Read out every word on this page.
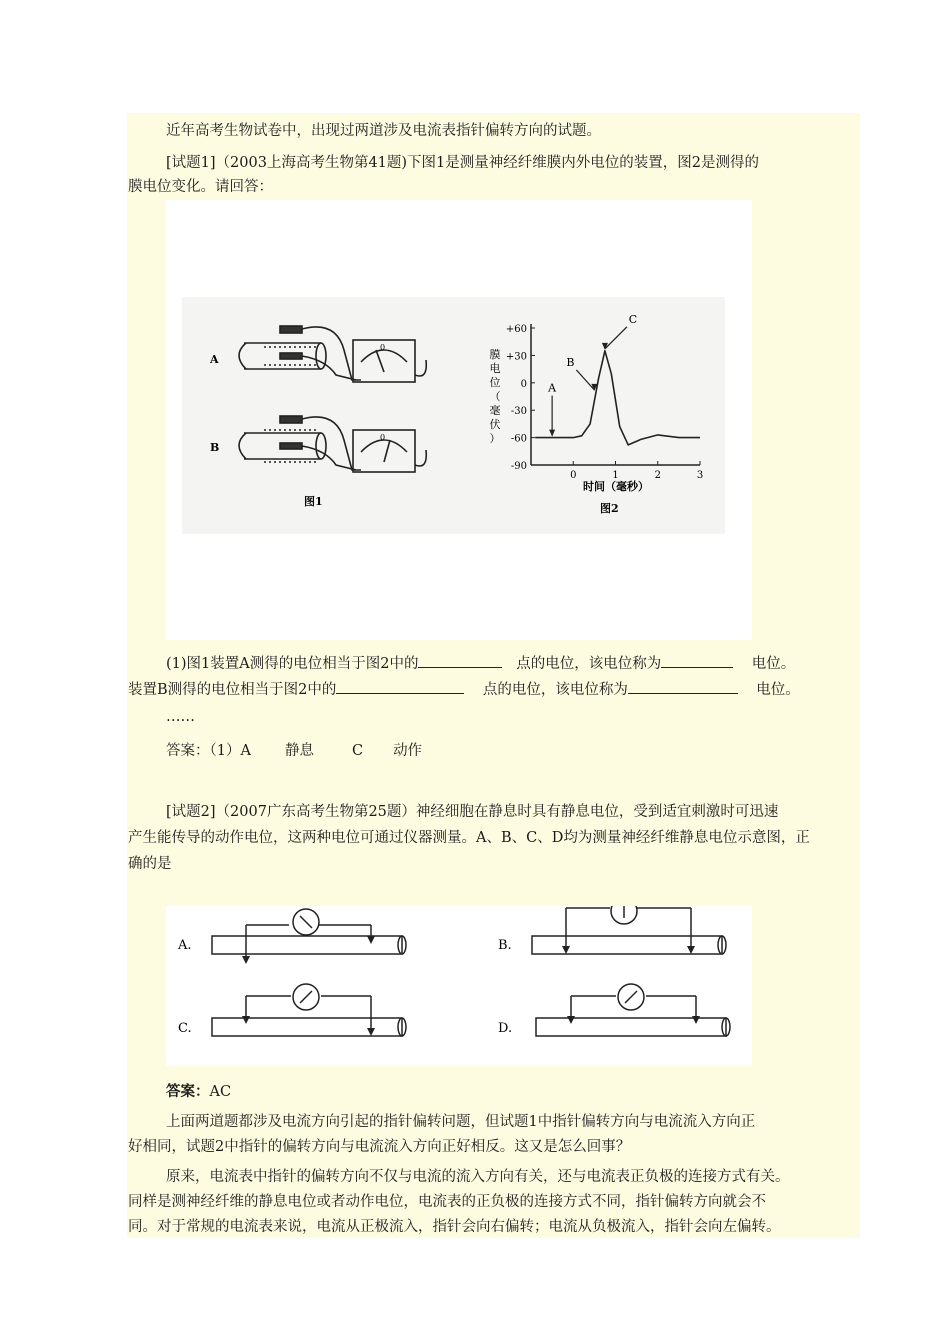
近年高考生物试卷中，出现过两道涉及电流表指针偏转方向的试题。
[试题1]（2003上海高考生物第41题)下图1是测量神经纤维膜内外电位的装置，图2是测得的
膜电位变化。请回答：
A
0
B
0
图1
+60
+30
0
-30
-60
-90
0	1	2	3
膜
电
位
（
毫
伏
）
时间（毫秒）
A
B
C
图2
(1)图1装置A测得的电位相当于图2中的	点的电位，该电位称为	电位。
装置B测得的电位相当于图2中的	点的电位，该电位称为	电位。
……
答案：（1）A 静息	C 动作
[试题2]（2007广东高考生物第25题）神经细胞在静息时具有静息电位，受到适宜刺激时可迅速
产生能传导的动作电位，这两种电位可通过仪器测量。A、B、C、D均为测量神经纤维静息电位示意图，正
确的是
A.	B.
C.	D.
答案：AC
上面两道题都涉及电流方向引起的指针偏转问题，但试题1中指针偏转方向与电流流入方向正
好相同，试题2中指针的偏转方向与电流流入方向正好相反。这又是怎么回事？
原来，电流表中指针的偏转方向不仅与电流的流入方向有关，还与电流表正负极的连接方式有关。
同样是测神经纤维的静息电位或者动作电位，电流表的正负极的连接方式不同，指针偏转方向就会不
同。对于常规的电流表来说，电流从正极流入，指针会向右偏转；电流从负极流入，指针会向左偏转。
